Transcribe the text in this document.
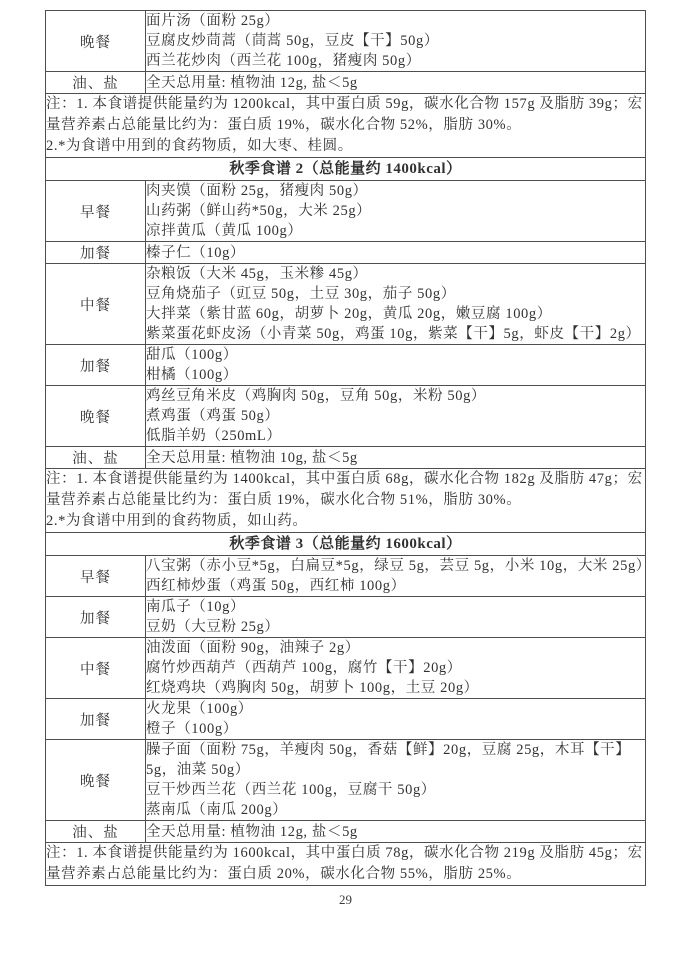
晚餐	面片汤（面粉 25g）
豆腐皮炒茼蒿（茼蒿 50g，豆皮【干】50g）
西兰花炒肉（西兰花 100g，猪瘦肉 50g）

油、盐	全天总用量: 植物油 12g, 盐＜5g

注：1. 本食谱提供能量约为 1200kcal，其中蛋白质 59g，碳水化合物 157g 及脂肪 39g；宏量营养素占总能量比约为：蛋白质 19%，碳水化合物 52%，脂肪 30%。
2.*为食谱中用到的食药物质，如大枣、桂圆。	
秋季食谱 2（总能量约 1400kcal）	
早餐	肉夹馍（面粉 25g，猪瘦肉 50g）
山药粥（鲜山药*50g，大米 25g）
凉拌黄瓜（黄瓜 100g）

加餐	榛子仁（10g）

中餐	杂粮饭（大米 45g，玉米糁 45g）
豆角烧茄子（豇豆 50g，土豆 30g，茄子 50g）
大拌菜（紫甘蓝 60g，胡萝卜 20g，黄瓜 20g，嫩豆腐 100g）
紫菜蛋花虾皮汤（小青菜 50g，鸡蛋 10g，紫菜【干】5g，虾皮【干】2g）

加餐	甜瓜（100g）
柑橘（100g）

晚餐	鸡丝豆角米皮（鸡胸肉 50g，豆角 50g，米粉 50g）
煮鸡蛋（鸡蛋 50g）
低脂羊奶（250mL）

油、盐	全天总用量: 植物油 10g, 盐＜5g

注：1. 本食谱提供能量约为 1400kcal，其中蛋白质 68g，碳水化合物 182g 及脂肪 47g；宏量营养素占总能量比约为：蛋白质 19%，碳水化合物 51%，脂肪 30%。
2.*为食谱中用到的食药物质，如山药。	
秋季食谱 3（总能量约 1600kcal）	
早餐	八宝粥（赤小豆*5g，白扁豆*5g，绿豆 5g，芸豆 5g，小米 10g，大米 25g）
西红柿炒蛋（鸡蛋 50g，西红柿 100g）

加餐	南瓜子（10g）
豆奶（大豆粉 25g）

中餐	油泼面（面粉 90g，油辣子 2g）
腐竹炒西葫芦（西葫芦 100g，腐竹【干】20g）
红烧鸡块（鸡胸肉 50g，胡萝卜 100g，土豆 20g）

加餐	火龙果（100g）
橙子（100g）

晚餐	臊子面（面粉 75g，羊瘦肉 50g，香菇【鲜】20g，豆腐 25g，木耳【干】5g，油菜 50g）
豆干炒西兰花（西兰花 100g，豆腐干 50g）
蒸南瓜（南瓜 200g）

油、盐	全天总用量: 植物油 12g, 盐＜5g

注：1. 本食谱提供能量约为 1600kcal，其中蛋白质 78g，碳水化合物 219g 及脂肪 45g；宏量营养素占总能量比约为：蛋白质 20%，碳水化合物 55%，脂肪 25%。	
29
